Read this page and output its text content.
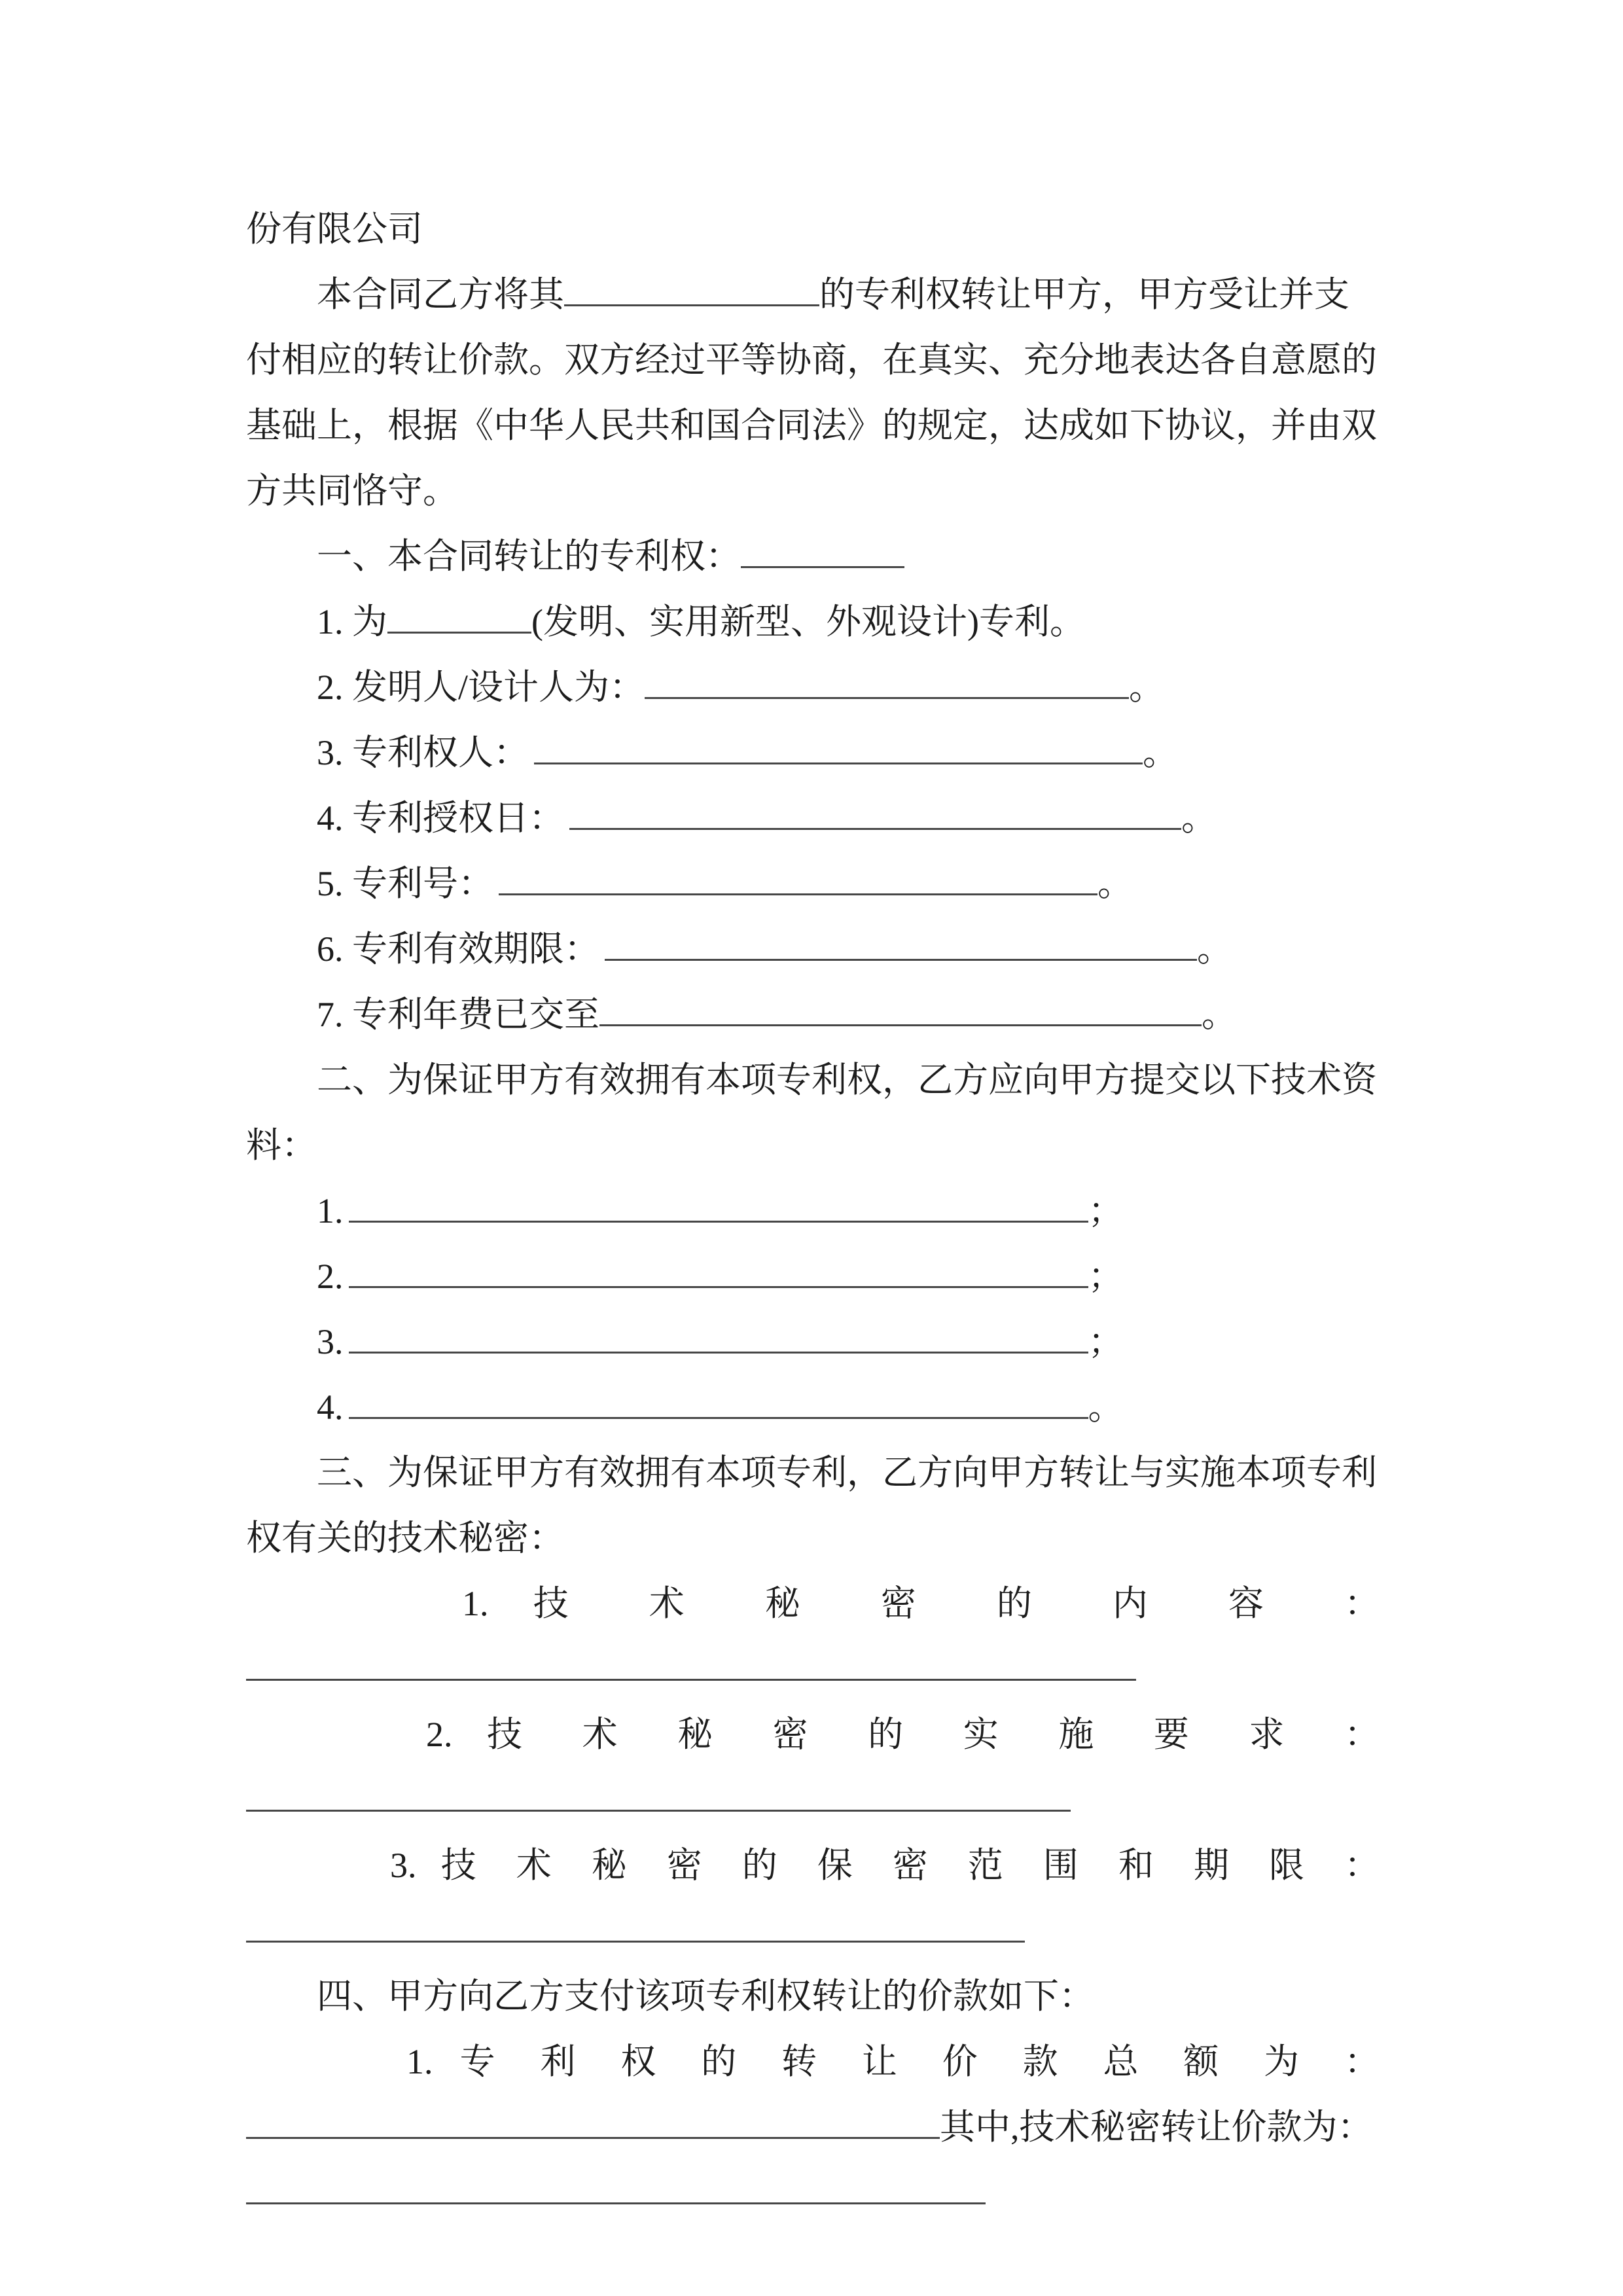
份有限公司

本合同乙方将其	的专利权转让甲方，甲方受让并支付相应的转让价款。双方经过平等协商，在真实、充分地表达各自意愿的基础上，根据《中华人民共和国合同法》的规定，达成如下协议，并由双方共同恪守。

一、本合同转让的专利权：

1. 为	(发明、实用新型、外观设计)专利。

2. 发明人/设计人为：	。

3. 专利权人：	。

4. 专利授权日：	。

5. 专利号：	。

6. 专利有效期限：	。

7. 专利年费已交至	。

二、为保证甲方有效拥有本项专利权，乙方应向甲方提交以下技术资料：

1.	；

2.	；

3.	；

4.	。

三、为保证甲方有效拥有本项专利，乙方向甲方转让与实施本项专利权有关的技术秘密：

1. 技 术 秘 密 的 内 容 ：

2. 技 术 秘 密 的 实 施 要 求 ：

3. 技 术 秘 密 的 保 密 范 围 和 期 限 ：

四、甲方向乙方支付该项专利权转让的价款如下：

1. 专 利 权 的 转 让 价 款 总 额 为 ：

其中,技术秘密转让价款为：
